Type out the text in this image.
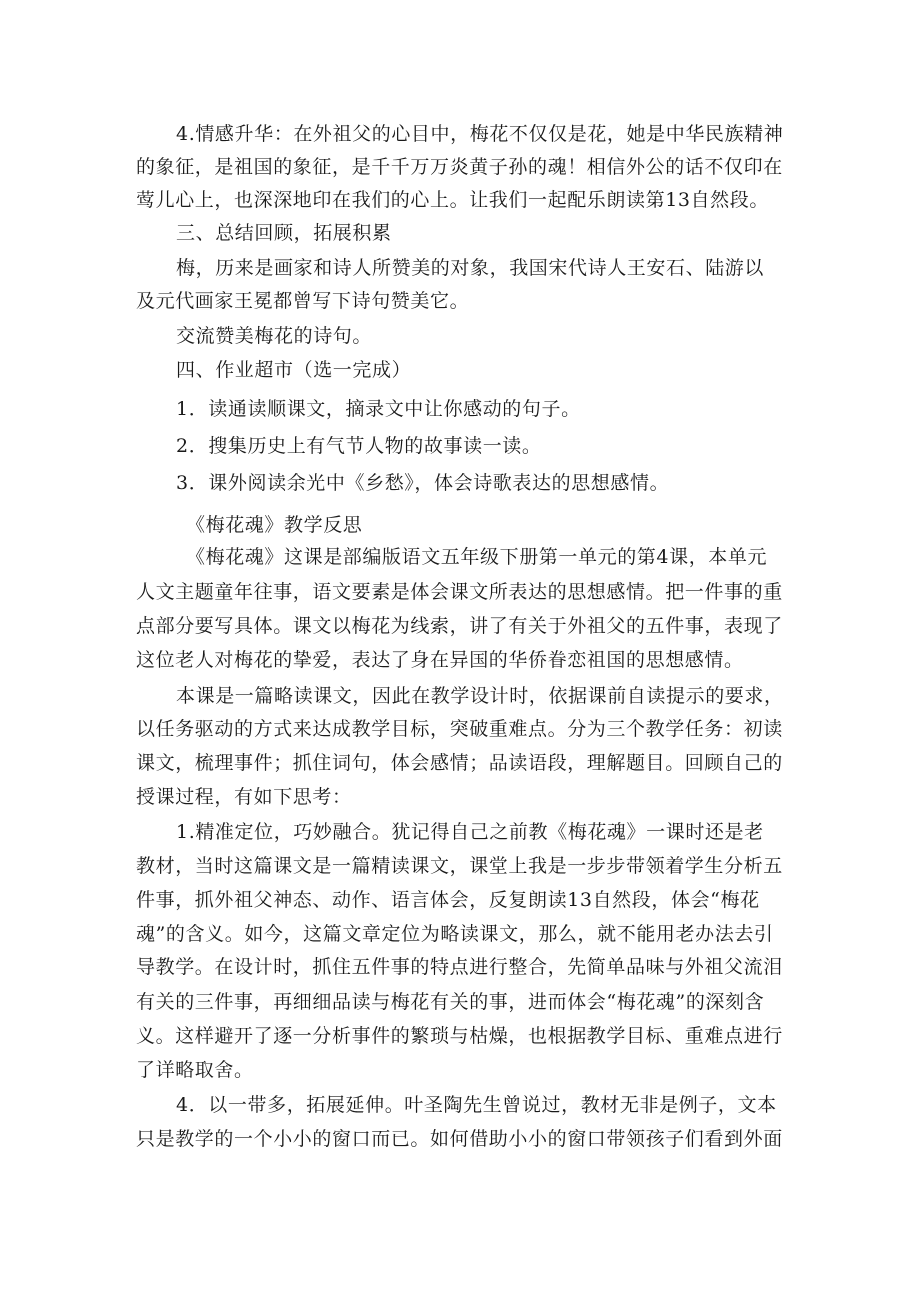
4.情感升华：在外祖父的心目中，梅花不仅仅是花，她是中华民族精神
的象征，是祖国的象征，是千千万万炎黄子孙的魂！相信外公的话不仅印在
莺儿心上，也深深地印在我们的心上。让我们一起配乐朗读第13自然段。
三、总结回顾，拓展积累
梅，历来是画家和诗人所赞美的对象，我国宋代诗人王安石、陆游以
及元代画家王冕都曾写下诗句赞美它。
交流赞美梅花的诗句。
四、作业超市（选一完成）
1．读通读顺课文，摘录文中让你感动的句子。
2．搜集历史上有气节人物的故事读一读。
3．课外阅读余光中《乡愁》，体会诗歌表达的思想感情。
《梅花魂》教学反思
《梅花魂》这课是部编版语文五年级下册第一单元的第4课，本单元
人文主题童年往事，语文要素是体会课文所表达的思想感情。把一件事的重
点部分要写具体。课文以梅花为线索，讲了有关于外祖父的五件事，表现了
这位老人对梅花的挚爱，表达了身在异国的华侨眷恋祖国的思想感情。
本课是一篇略读课文，因此在教学设计时，依据课前自读提示的要求，
以任务驱动的方式来达成教学目标，突破重难点。分为三个教学任务：初读
课文，梳理事件；抓住词句，体会感情；品读语段，理解题目。回顾自己的
授课过程，有如下思考：
1.精准定位，巧妙融合。犹记得自己之前教《梅花魂》一课时还是老
教材，当时这篇课文是一篇精读课文，课堂上我是一步步带领着学生分析五
件事，抓外祖父神态、动作、语言体会，反复朗读13自然段，体会“梅花
魂”的含义。如今，这篇文章定位为略读课文，那么，就不能用老办法去引
导教学。在设计时，抓住五件事的特点进行整合，先简单品味与外祖父流泪
有关的三件事，再细细品读与梅花有关的事，进而体会“梅花魂”的深刻含
义。这样避开了逐一分析事件的繁琐与枯燥，也根据教学目标、重难点进行
了详略取舍。
4．以一带多，拓展延伸。叶圣陶先生曾说过，教材无非是例子，文本
只是教学的一个小小的窗口而已。如何借助小小的窗口带领孩子们看到外面
